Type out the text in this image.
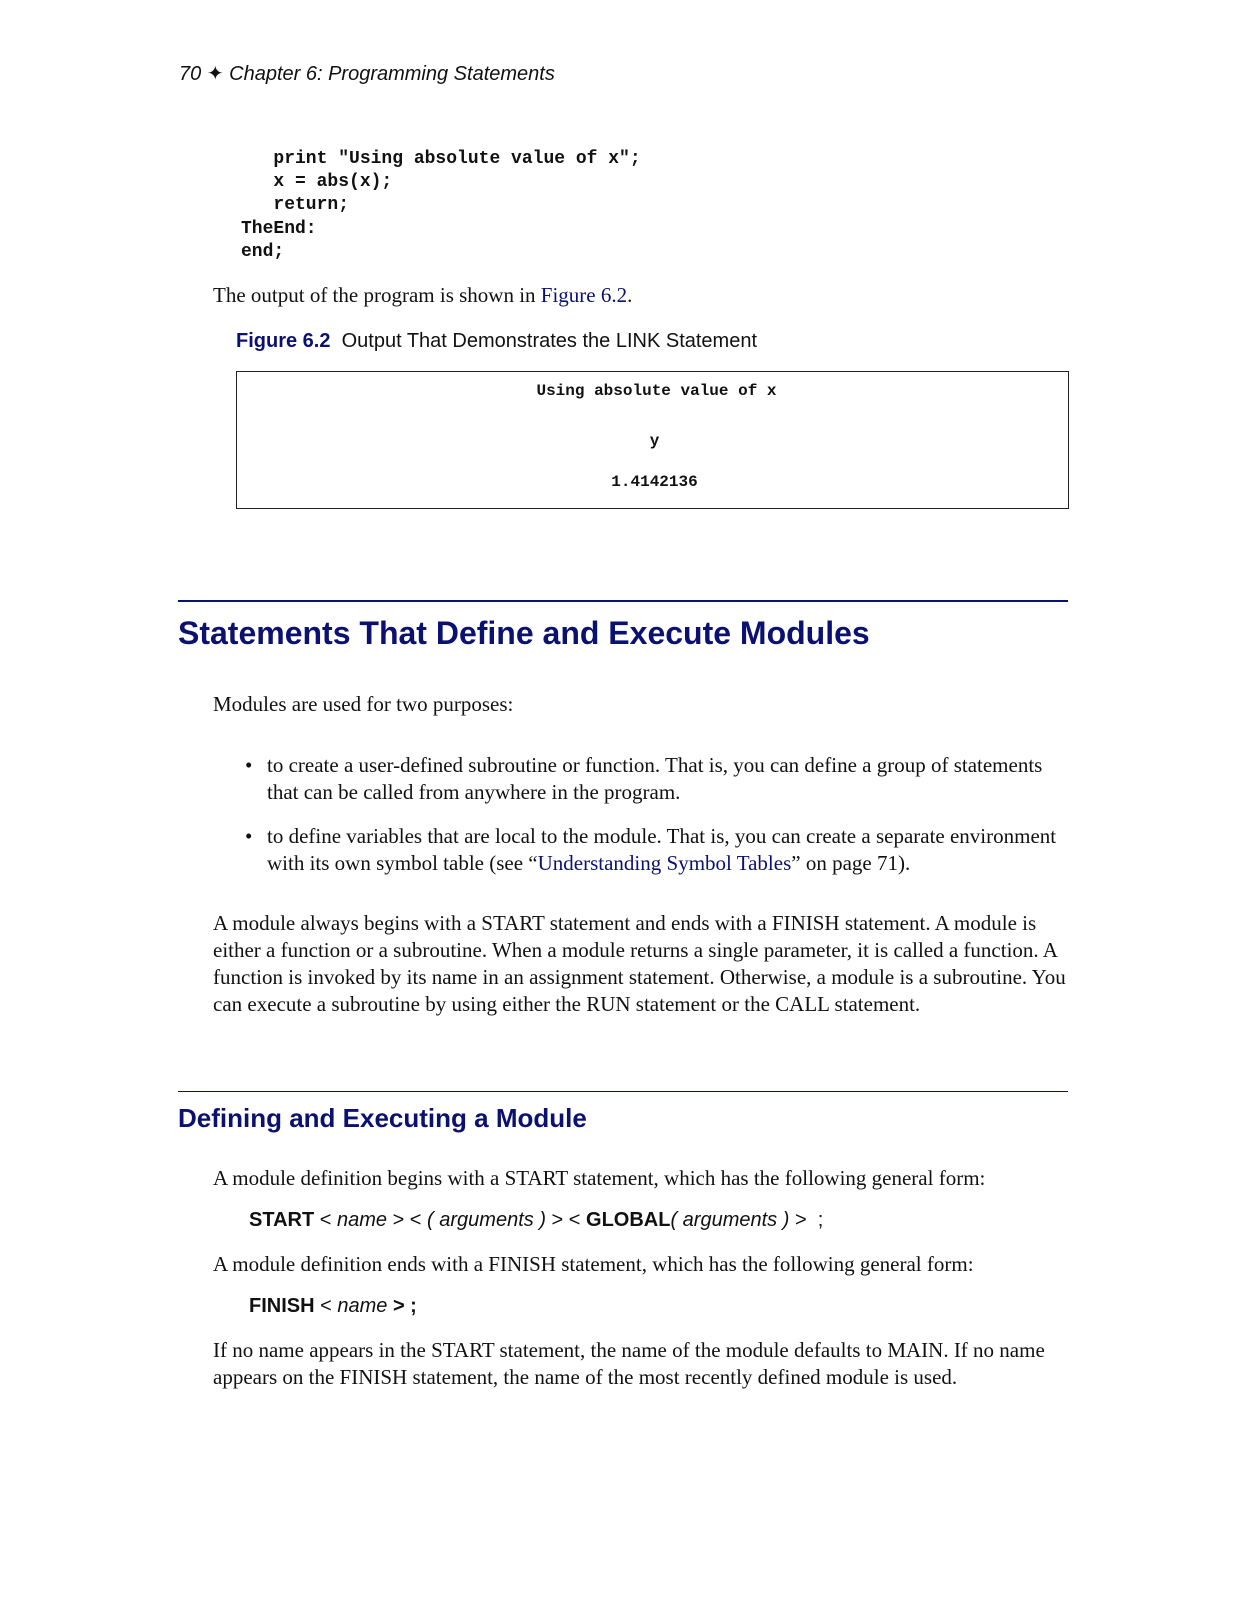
70 ✦ Chapter 6: Programming Statements
print "Using absolute value of x";
x = abs(x);
return;
TheEnd:
end;
The output of the program is shown in Figure 6.2.
Figure 6.2 Output That Demonstrates the LINK Statement
Using absolute value of x
y
1.4142136
Statements That Define and Execute Modules
Modules are used for two purposes:
• to create a user-defined subroutine or function. That is, you can define a group of statements that can be called from anywhere in the program.
• to define variables that are local to the module. That is, you can create a separate environment with its own symbol table (see “Understanding Symbol Tables” on page 71).
A module always begins with a START statement and ends with a FINISH statement. A module is either a function or a subroutine. When a module returns a single parameter, it is called a function. A function is invoked by its name in an assignment statement. Otherwise, a module is a subroutine. You can execute a subroutine by using either the RUN statement or the CALL statement.
Defining and Executing a Module
A module definition begins with a START statement, which has the following general form:
START < name > < ( arguments ) > < GLOBAL( arguments ) >  ;
A module definition ends with a FINISH statement, which has the following general form:
FINISH < name > ;
If no name appears in the START statement, the name of the module defaults to MAIN. If no name appears on the FINISH statement, the name of the most recently defined module is used.
